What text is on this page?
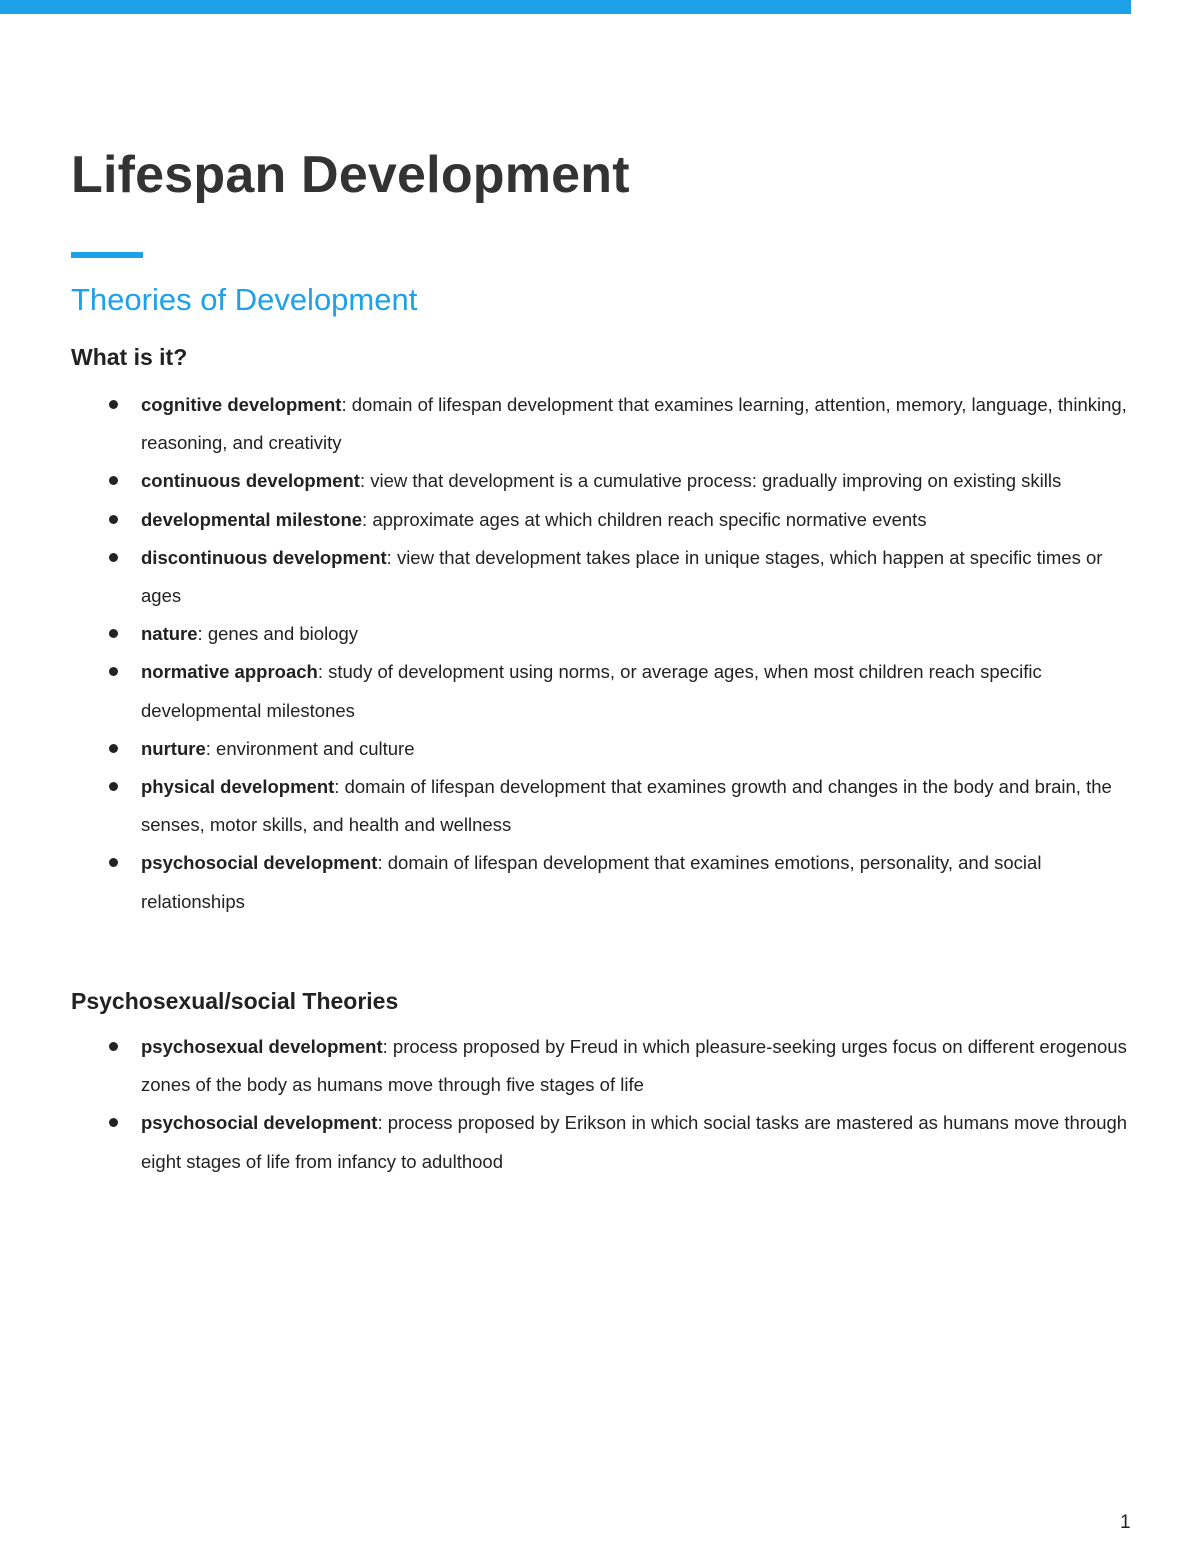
Lifespan Development
Theories of Development
What is it?
cognitive development: domain of lifespan development that examines learning, attention, memory, language, thinking, reasoning, and creativity
continuous development: view that development is a cumulative process: gradually improving on existing skills
developmental milestone: approximate ages at which children reach specific normative events
discontinuous development: view that development takes place in unique stages, which happen at specific times or ages
nature: genes and biology
normative approach: study of development using norms, or average ages, when most children reach specific developmental milestones
nurture: environment and culture
physical development: domain of lifespan development that examines growth and changes in the body and brain, the senses, motor skills, and health and wellness
psychosocial development: domain of lifespan development that examines emotions, personality, and social relationships
Psychosexual/social Theories
psychosexual development: process proposed by Freud in which pleasure-seeking urges focus on different erogenous zones of the body as humans move through five stages of life
psychosocial development: process proposed by Erikson in which social tasks are mastered as humans move through eight stages of life from infancy to adulthood
1
